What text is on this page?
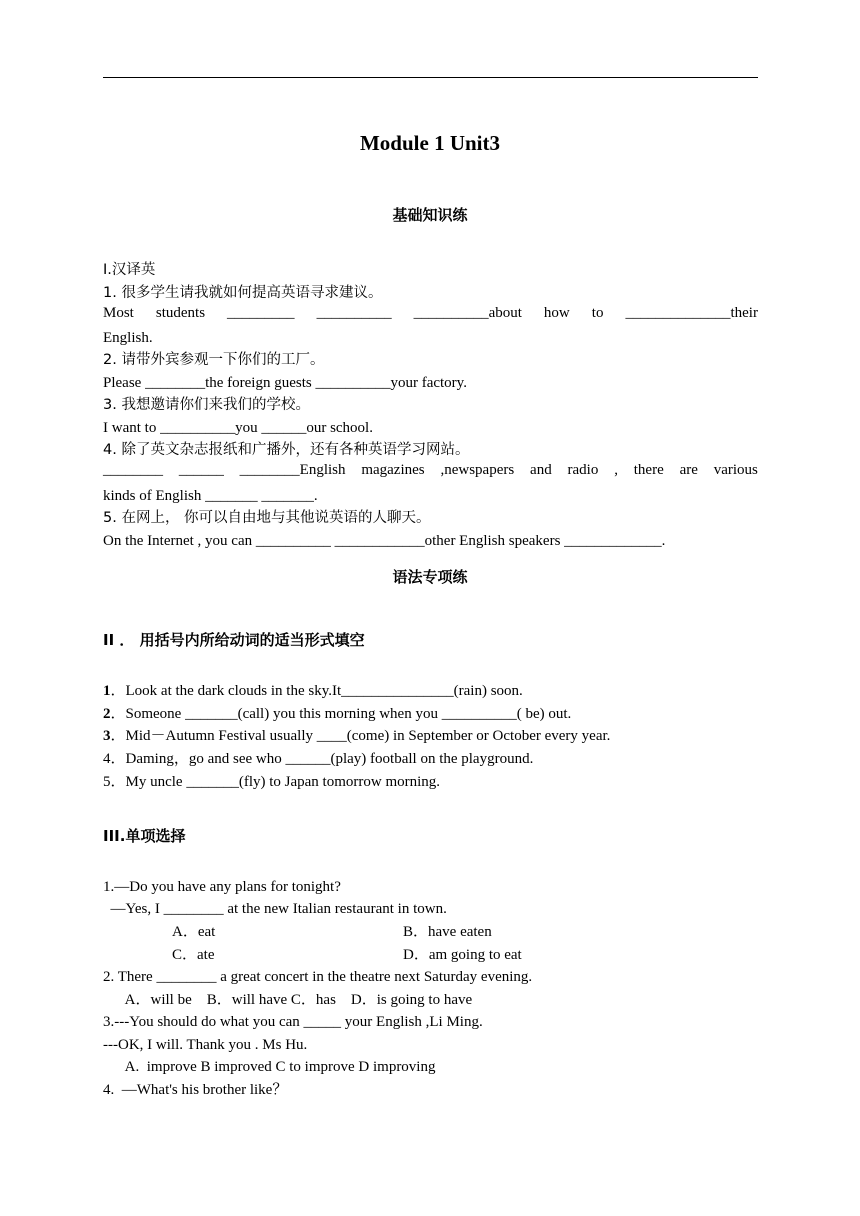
Module 1 Unit3
基础知识练
Ⅰ.汉译英
1. 很多学生请我就如何提高英语寻求建议。
Most students _________ __________ __________about how to ______________their
English.
2. 请带外宾参观一下你们的工厂。
Please ________the foreign guests __________your factory.
3. 我想邀请你们来我们的学校。
I want to __________you ______our school.
4. 除了英文杂志报纸和广播外，还有各种英语学习网站。
________ ______ ________English magazines ,newspapers and radio , there are various
kinds of English _______ _______.
5. 在网上， 你可以自由地与其他说英语的人聊天。
On the Internet , you can __________ ____________other English speakers _____________.
语法专项练
II ． 用括号内所给动词的适当形式填空
1．Look at the dark clouds in the sky.It_______________(rain) soon.
2．Someone _______(call) you this morning when you __________( be) out.
3．Mid－Autumn Festival usually ____(come) in September or October every year.
4．Daming，go and see who ______(play) football on the playground.
5．My uncle _______(fly) to Japan tomorrow morning.
III.单项选择
1.—Do you have any plans for tonight?
—Yes, I ________ at the new Italian restaurant in town.
A．eat	B．have eaten
C．ate	D．am going to eat
2. There ________ a great concert in the theatre next Saturday evening.
A．will be    B．will have C．has    D．is going to have
3.---You should do what you can _____ your English ,Li Ming.
---OK, I will. Thank you . Ms Hu.
A.  improve B improved C to improve D improving
4.  —What's his brother like？
